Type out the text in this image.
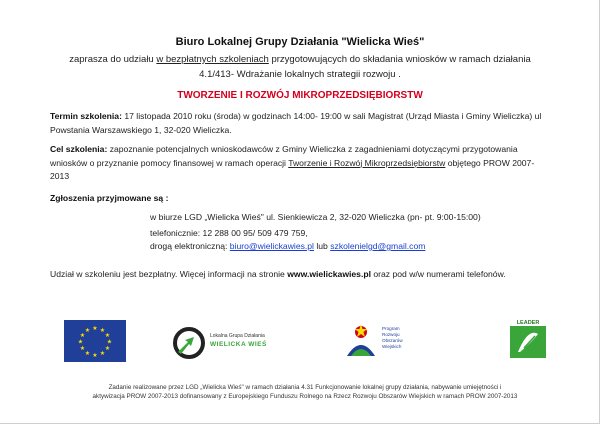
Biuro Lokalnej Grupy Działania "Wielicka Wieś"
zaprasza do udziału w bezpłatnych szkoleniach przygotowujących do składania wniosków w ramach działania
4.1/413- Wdrażanie lokalnych strategii rozwoju .
TWORZENIE I ROZWÓJ MIKROPRZEDSIĘBIORSTW
Termin szkolenia: 17 listopada 2010 roku (środa) w godzinach 14:00- 19:00 w sali Magistrat (Urząd Miasta i Gminy Wieliczka) ul
Powstania Warszawskiego 1, 32-020 Wieliczka.
Cel szkolenia: zapoznanie potencjalnych wnioskodawców z Gminy Wieliczka z zagadnieniami dotyczącymi przygotowania
wniosków o przyznanie pomocy finansowej w ramach operacji Tworzenie i Rozwój Mikroprzedsiębiorstw objętego PROW 2007-
2013
Zgłoszenia przyjmowane są :
w biurze LGD „Wielicka Wieś" ul. Sienkiewicza 2, 32-020 Wieliczka (pn- pt. 9:00-15:00)
telefonicznie: 12 288 00 95/ 509 479 759,
drogą elektroniczną: biuro@wielickawies.pl lub szkolenielgd@gmail.com
Udział w szkoleniu jest bezpłatny. Więcej informacji na stronie www.wielickawies.pl oraz pod w/w numerami telefonów.
★ ★
★
★
★
★
★
★
★
★
★
★
Lokalna Grupa Działania
WIELICKA WIEŚ
Program
Rozwoju
Obszarów
Wiejskich
LEADER
Zadanie realizowane przez LGD „Wielicka Wieś" w ramach działania 4.31 Funkcjonowanie lokalnej grupy działania, nabywanie umiejętności i
aktywizacja PROW 2007-2013 dofinansowany z Europejskiego Funduszu Rolnego na Rzecz Rozwoju Obszarów Wiejskich w ramach PROW 2007-2013
